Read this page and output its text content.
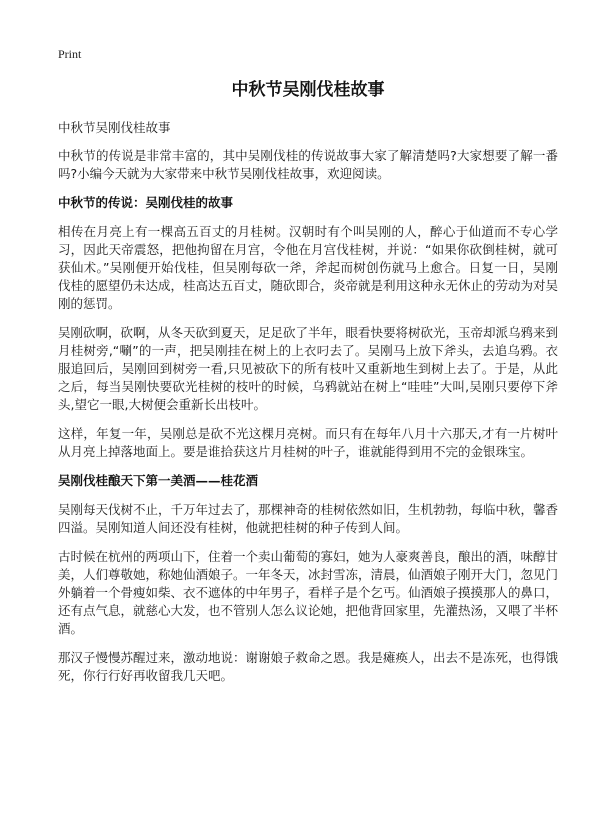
Print
中秋节吴刚伐桂故事

中秋节吴刚伐桂故事

中秋节的传说是非常丰富的，其中吴刚伐桂的传说故事大家了解清楚吗?大家想要了解一番吗?小编今天就为大家带来中秋节吴刚伐桂故事，欢迎阅读。

中秋节的传说：吴刚伐桂的故事

相传在月亮上有一棵高五百丈的月桂树。汉朝时有个叫吴刚的人，醉心于仙道而不专心学习，因此天帝震怒，把他拘留在月宫，令他在月宫伐桂树，并说：“如果你砍倒桂树，就可获仙术。”吴刚便开始伐桂，但吴刚每砍一斧，斧起而树创伤就马上愈合。日复一日，吴刚伐桂的愿望仍未达成，桂高达五百丈，随砍即合，炎帝就是利用这种永无休止的劳动为对吴刚的惩罚。

吴刚砍啊，砍啊，从冬天砍到夏天，足足砍了半年，眼看快要将树砍光，玉帝却派乌鸦来到月桂树旁,“唰”的一声，把吴刚挂在树上的上衣叼去了。吴刚马上放下斧头，去追乌鸦。衣服追回后，吴刚回到树旁一看,只见被砍下的所有枝叶又重新地生到树上去了。于是，从此之后，每当吴刚快要砍光桂树的枝叶的时候，乌鸦就站在树上“哇哇”大叫,吴刚只要停下斧头,望它一眼,大树便会重新长出枝叶。

这样，年复一年，吴刚总是砍不光这棵月亮树。而只有在每年八月十六那天,才有一片树叶从月亮上掉落地面上。要是谁拾获这片月桂树的叶子，谁就能得到用不完的金银珠宝。

吴刚伐桂酿天下第一美酒——桂花酒

吴刚每天伐树不止，千万年过去了，那棵神奇的桂树依然如旧，生机勃勃，每临中秋，馨香四溢。吴刚知道人间还没有桂树，他就把桂树的种子传到人间。

古时候在杭州的两项山下，住着一个卖山葡萄的寡妇，她为人豪爽善良，酿出的酒，味醇甘美，人们尊敬她，称她仙酒娘子。一年冬天，冰封雪冻，清晨，仙酒娘子刚开大门，忽见门外躺着一个骨瘦如柴、衣不遮体的中年男子，看样子是个乞丐。仙酒娘子摸摸那人的鼻口，还有点气息，就慈心大发，也不管别人怎么议论她，把他背回家里，先灌热汤，又喂了半杯酒。

那汉子慢慢苏醒过来，激动地说：谢谢娘子救命之恩。我是瘫痪人，出去不是冻死，也得饿死，你行行好再收留我几天吧。
